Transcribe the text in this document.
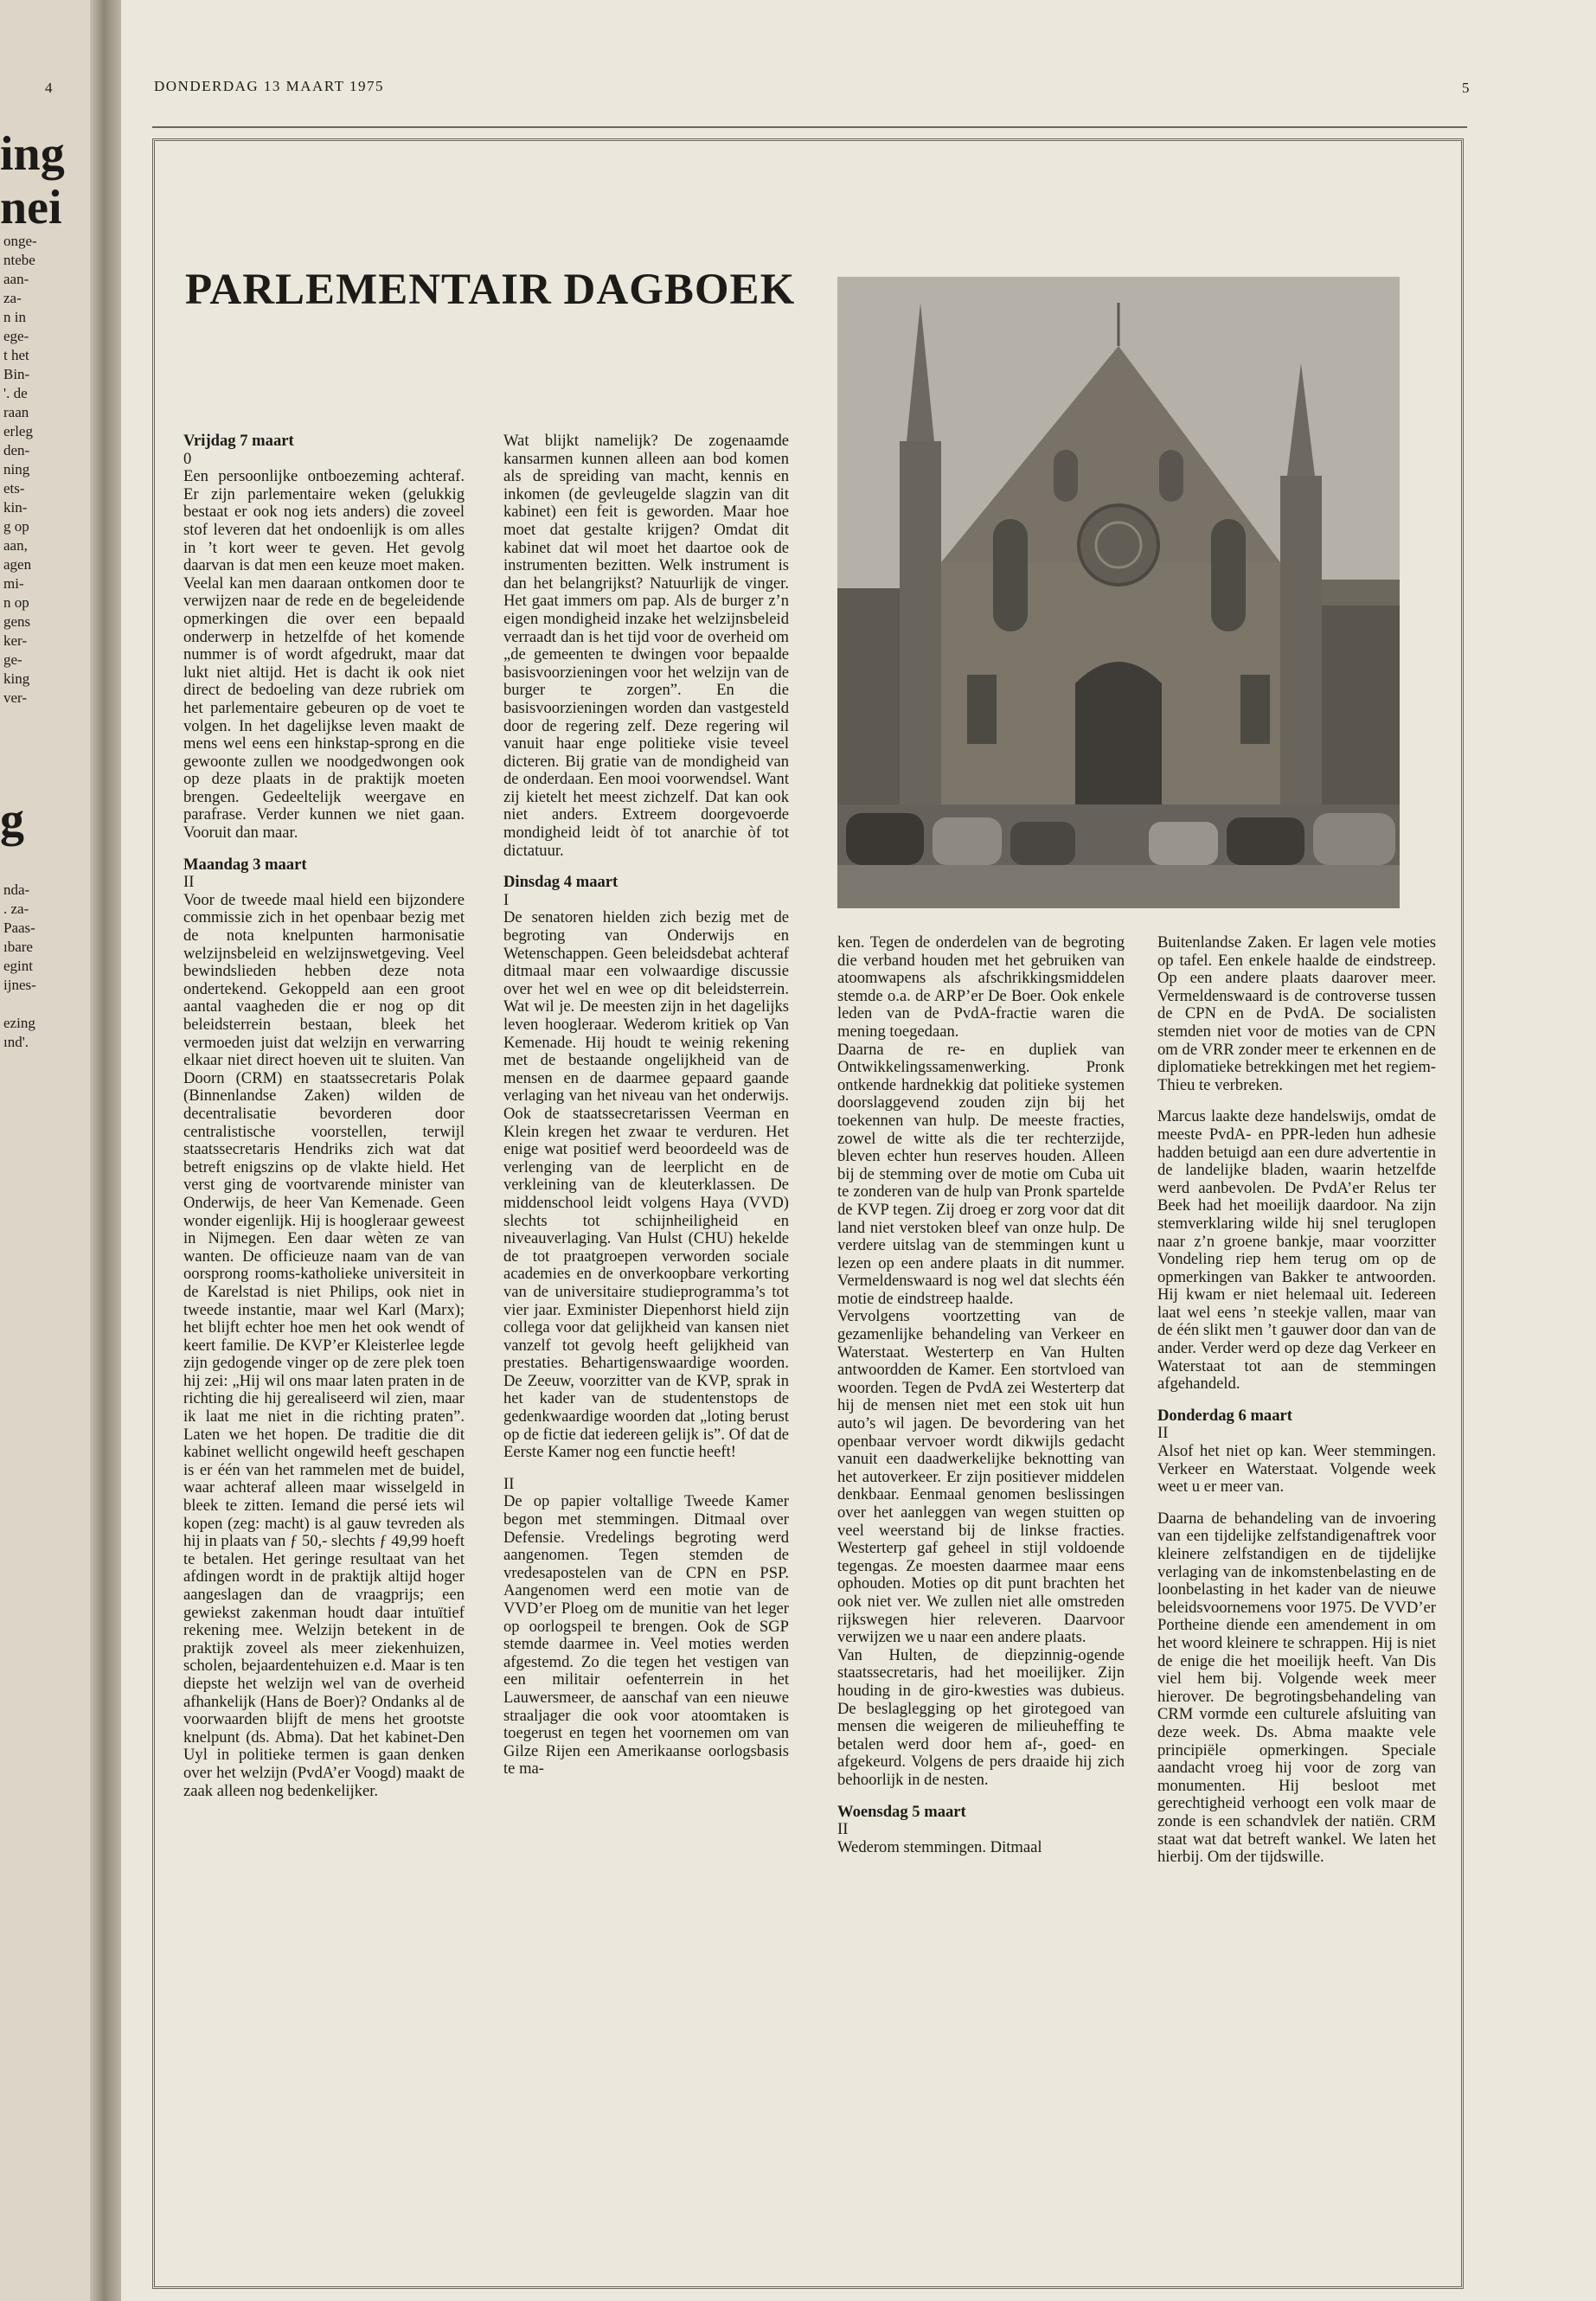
4
ing
nei
onge-
ntebe
aan-
za-
n in
ege-
t het
Bin-
'. de
raan
erleg
den-
ning
ets-
kin-
g op
aan,
agen
mi-
n op
gens
ker-
ge-
king
ver-
g
nda-
. za-
Paas-
ıbare
egint
ijnes-
ezing
ınd'.
5
DONDERDAG 13 MAART 1975
PARLEMENTAIR DAGBOEK
Vrijdag 7 maart
0

Een persoonlijke ontboezeming achteraf. Er zijn parlementaire weken (gelukkig bestaat er ook nog iets anders) die zoveel stof leveren dat het ondoenlijk is om alles in ’t kort weer te geven. Het gevolg daarvan is dat men een keuze moet maken. Veelal kan men daaraan ontkomen door te verwijzen naar de rede en de begeleidende opmerkingen die over een bepaald onderwerp in hetzelfde of het komende nummer is of wordt afgedrukt, maar dat lukt niet altijd. Het is dacht ik ook niet direct de bedoeling van deze rubriek om het parlementaire gebeuren op de voet te volgen. In het dagelijkse leven maakt de mens wel eens een hinkstap-sprong en die gewoonte zullen we noodgedwongen ook op deze plaats in de praktijk moeten brengen. Gedeeltelijk weergave en parafrase. Verder kunnen we niet gaan. Vooruit dan maar.

Maandag 3 maart
II

Voor de tweede maal hield een bijzondere commissie zich in het openbaar bezig met de nota knelpunten harmonisatie welzijnsbeleid en welzijnswetgeving. Veel bewindslieden hebben deze nota ondertekend. Gekoppeld aan een groot aantal vaagheden die er nog op dit beleidsterrein bestaan, bleek het vermoeden juist dat welzijn en verwarring elkaar niet direct hoeven uit te sluiten. Van Doorn (CRM) en staatssecretaris Polak (Binnenlandse Zaken) wilden de decentralisatie bevorderen door centralistische voorstellen, terwijl staatssecretaris Hendriks zich wat dat betreft enigszins op de vlakte hield. Het verst ging de voortvarende minister van Onderwijs, de heer Van Kemenade. Geen wonder eigenlijk. Hij is hoogleraar geweest in Nijmegen. Een daar wèten ze van wanten. De officieuze naam van de van oorsprong rooms-katholieke universiteit in de Karelstad is niet Philips, ook niet in tweede instantie, maar wel Karl (Marx); het blijft echter hoe men het ook wendt of keert familie. De KVP’er Kleisterlee legde zijn gedogende vinger op de zere plek toen hij zei: „Hij wil ons maar laten praten in de richting die hij gerealiseerd wil zien, maar ik laat me niet in die richting praten”. Laten we het hopen. De traditie die dit kabinet wellicht ongewild heeft geschapen is er één van het rammelen met de buidel, waar achteraf alleen maar wisselgeld in bleek te zitten. Iemand die persé iets wil kopen (zeg: macht) is al gauw tevreden als hij in plaats van ƒ 50,- slechts ƒ 49,99 hoeft te betalen. Het geringe resultaat van het afdingen wordt in de praktijk altijd hoger aangeslagen dan de vraagprijs; een gewiekst zakenman houdt daar intuïtief rekening mee. Welzijn betekent in de praktijk zoveel als meer ziekenhuizen, scholen, bejaardentehuizen e.d. Maar is ten diepste het welzijn wel van de overheid afhankelijk (Hans de Boer)? Ondanks al de voorwaarden blijft de mens het grootste knelpunt (ds. Abma). Dat het kabinet-Den Uyl in politieke termen is gaan denken over het welzijn (PvdA’er Voogd) maakt de zaak alleen nog bedenkelijker.

Wat blijkt namelijk? De zogenaamde kansarmen kunnen alleen aan bod komen als de spreiding van macht, kennis en inkomen (de gevleugelde slagzin van dit kabinet) een feit is geworden. Maar hoe moet dat gestalte krijgen? Omdat dit kabinet dat wil moet het daartoe ook de instrumenten bezitten. Welk instrument is dan het belangrijkst? Natuurlijk de vinger. Het gaat immers om pap. Als de burger z’n eigen mondigheid inzake het welzijnsbeleid verraadt dan is het tijd voor de overheid om „de gemeenten te dwingen voor bepaalde basisvoorzieningen voor het welzijn van de burger te zorgen”. En die basisvoorzieningen worden dan vastgesteld door de regering zelf. Deze regering wil vanuit haar enge politieke visie teveel dicteren. Bij gratie van de mondigheid van de onderdaan. Een mooi voorwendsel. Want zij kietelt het meest zichzelf. Dat kan ook niet anders. Extreem doorgevoerde mondigheid leidt òf tot anarchie òf tot dictatuur.

Dinsdag 4 maart
I

De senatoren hielden zich bezig met de begroting van Onderwijs en Wetenschappen. Geen beleidsdebat achteraf ditmaal maar een volwaardige discussie over het wel en wee op dit beleidsterrein. Wat wil je. De meesten zijn in het dagelijks leven hoogleraar. Wederom kritiek op Van Kemenade. Hij houdt te weinig rekening met de bestaande ongelijkheid van de mensen en de daarmee gepaard gaande verlaging van het niveau van het onderwijs. Ook de staatssecretarissen Veerman en Klein kregen het zwaar te verduren. Het enige wat positief werd beoordeeld was de verlenging van de leerplicht en de verkleining van de kleuterklassen. De middenschool leidt volgens Haya (VVD) slechts tot schijnheiligheid en niveauverlaging. Van Hulst (CHU) hekelde de tot praatgroepen verworden sociale academies en de onverkoopbare verkorting van de universitaire studieprogramma’s tot vier jaar. Exminister Diepenhorst hield zijn collega voor dat gelijkheid van kansen niet vanzelf tot gevolg heeft gelijkheid van prestaties. Behartigenswaardige woorden. De Zeeuw, voorzitter van de KVP, sprak in het kader van de studentenstops de gedenkwaardige woorden dat „loting berust op de fictie dat iedereen gelijk is”. Of dat de Eerste Kamer nog een functie heeft!

II

De op papier voltallige Tweede Kamer begon met stemmingen. Ditmaal over Defensie. Vredelings begroting werd aangenomen. Tegen stemden de vredesapostelen van de CPN en PSP. Aangenomen werd een motie van de VVD’er Ploeg om de munitie van het leger op oorlogspeil te brengen. Ook de SGP stemde daarmee in. Veel moties werden afgestemd. Zo die tegen het vestigen van een militair oefenterrein in het Lauwersmeer, de aanschaf van een nieuwe straaljager die ook voor atoomtaken is toegerust en tegen het voornemen om van Gilze Rijen een Amerikaanse oorlogsbasis te ma-

ken. Tegen de onderdelen van de begroting die verband houden met het gebruiken van atoomwapens als afschrikkingsmiddelen stemde o.a. de ARP’er De Boer. Ook enkele leden van de PvdA-fractie waren die mening toegedaan.

Daarna de re- en dupliek van Ontwikkelingssamenwerking. Pronk ontkende hardnekkig dat politieke systemen doorslaggevend zouden zijn bij het toekennen van hulp. De meeste fracties, zowel de witte als die ter rechterzijde, bleven echter hun reserves houden. Alleen bij de stemming over de motie om Cuba uit te zonderen van de hulp van Pronk spartelde de KVP tegen. Zij droeg er zorg voor dat dit land niet verstoken bleef van onze hulp. De verdere uitslag van de stemmingen kunt u lezen op een andere plaats in dit nummer. Vermeldenswaard is nog wel dat slechts één motie de eindstreep haalde.

Vervolgens voortzetting van de gezamenlijke behandeling van Verkeer en Waterstaat. Westerterp en Van Hulten antwoordden de Kamer. Een stortvloed van woorden. Tegen de PvdA zei Westerterp dat hij de mensen niet met een stok uit hun auto’s wil jagen. De bevordering van het openbaar vervoer wordt dikwijls gedacht vanuit een daadwerkelijke beknotting van het autoverkeer. Er zijn positiever middelen denkbaar. Eenmaal genomen beslissingen over het aanleggen van wegen stuitten op veel weerstand bij de linkse fracties. Westerterp gaf geheel in stijl voldoende tegengas. Ze moesten daarmee maar eens ophouden. Moties op dit punt brachten het ook niet ver. We zullen niet alle omstreden rijkswegen hier releveren. Daarvoor verwijzen we u naar een andere plaats.

Van Hulten, de diepzinnig-ogende staatssecretaris, had het moeilijker. Zijn houding in de giro-kwesties was dubieus. De beslaglegging op het girotegoed van mensen die weigeren de milieuheffing te betalen werd door hem af-, goed- en afgekeurd. Volgens de pers draaide hij zich behoorlijk in de nesten.

Woensdag 5 maart
II

Wederom stemmingen. Ditmaal

Buitenlandse Zaken. Er lagen vele moties op tafel. Een enkele haalde de eindstreep. Op een andere plaats daarover meer. Vermeldenswaard is de controverse tussen de CPN en de PvdA. De socialisten stemden niet voor de moties van de CPN om de VRR zonder meer te erkennen en de diplomatieke betrekkingen met het regiem-Thieu te verbreken.

Marcus laakte deze handelswijs, omdat de meeste PvdA- en PPR-leden hun adhesie hadden betuigd aan een dure advertentie in de landelijke bladen, waarin hetzelfde werd aanbevolen. De PvdA’er Relus ter Beek had het moeilijk daardoor. Na zijn stemverklaring wilde hij snel teruglopen naar z’n groene bankje, maar voorzitter Vondeling riep hem terug om op de opmerkingen van Bakker te antwoorden. Hij kwam er niet helemaal uit. Iedereen laat wel eens ’n steekje vallen, maar van de één slikt men ’t gauwer door dan van de ander. Verder werd op deze dag Verkeer en Waterstaat tot aan de stemmingen afgehandeld.

Donderdag 6 maart
II

Alsof het niet op kan. Weer stemmingen. Verkeer en Waterstaat. Volgende week weet u er meer van.

Daarna de behandeling van de invoering van een tijdelijke zelfstandigenaftrek voor kleinere zelfstandigen en de tijdelijke verlaging van de inkomstenbelasting en de loonbelasting in het kader van de nieuwe beleidsvoornemens voor 1975. De VVD’er Portheine diende een amendement in om het woord kleinere te schrappen. Hij is niet de enige die het moeilijk heeft. Van Dis viel hem bij. Volgende week meer hierover. De begrotingsbehandeling van CRM vormde een culturele afsluiting van deze week. Ds. Abma maakte vele principiële opmerkingen. Speciale aandacht vroeg hij voor de zorg van monumenten. Hij besloot met gerechtigheid verhoogt een volk maar de zonde is een schandvlek der natiën. CRM staat wat dat betreft wankel. We laten het hierbij. Om der tijdswille.
